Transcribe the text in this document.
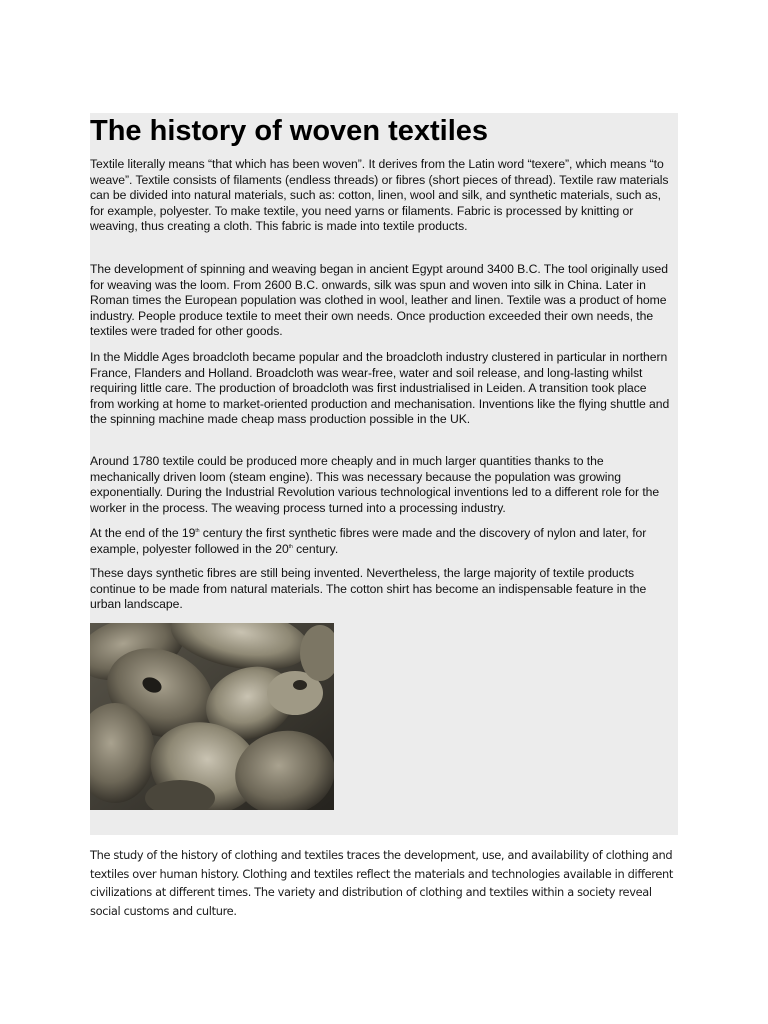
The history of woven textiles

Textile literally means “that which has been woven”. It derives from the Latin word “texere”, which means “to weave”. Textile consists of filaments (endless threads) or fibres (short pieces of thread). Textile raw materials can be divided into natural materials, such as: cotton, linen, wool and silk, and synthetic materials, such as, for example, polyester. To make textile, you need yarns or filaments. Fabric is processed by knitting or weaving, thus creating a cloth. This fabric is made into textile products.

The development of spinning and weaving began in ancient Egypt around 3400 B.C. The tool originally used for weaving was the loom. From 2600 B.C. onwards, silk was spun and woven into silk in China. Later in Roman times the European population was clothed in wool, leather and linen. Textile was a product of home industry. People produce textile to meet their own needs. Once production exceeded their own needs, the textiles were traded for other goods.

In the Middle Ages broadcloth became popular and the broadcloth industry clustered in particular in northern France, Flanders and Holland. Broadcloth was wear-free, water and soil release, and long-lasting whilst requiring little care. The production of broadcloth was first industrialised in Leiden. A transition took place from working at home to market-oriented production and mechanisation. Inventions like the flying shuttle and the spinning machine made cheap mass production possible in the UK.

Around 1780 textile could be produced more cheaply and in much larger quantities thanks to the mechanically driven loom (steam engine). This was necessary because the population was growing exponentially. During the Industrial Revolution various technological inventions led to a different role for the worker in the process. The weaving process turned into a processing industry.

At the end of the 19th century the first synthetic fibres were made and the discovery of nylon and later, for example, polyester followed in the 20th century.

These days synthetic fibres are still being invented. Nevertheless, the large majority of textile products continue to be made from natural materials. The cotton shirt has become an indispensable feature in the urban landscape.

The study of the history of clothing and textiles traces the development, use, and availability of clothing and textiles over human history. Clothing and textiles reflect the materials and technologies available in different civilizations at different times. The variety and distribution of clothing and textiles within a society reveal social customs and culture.
